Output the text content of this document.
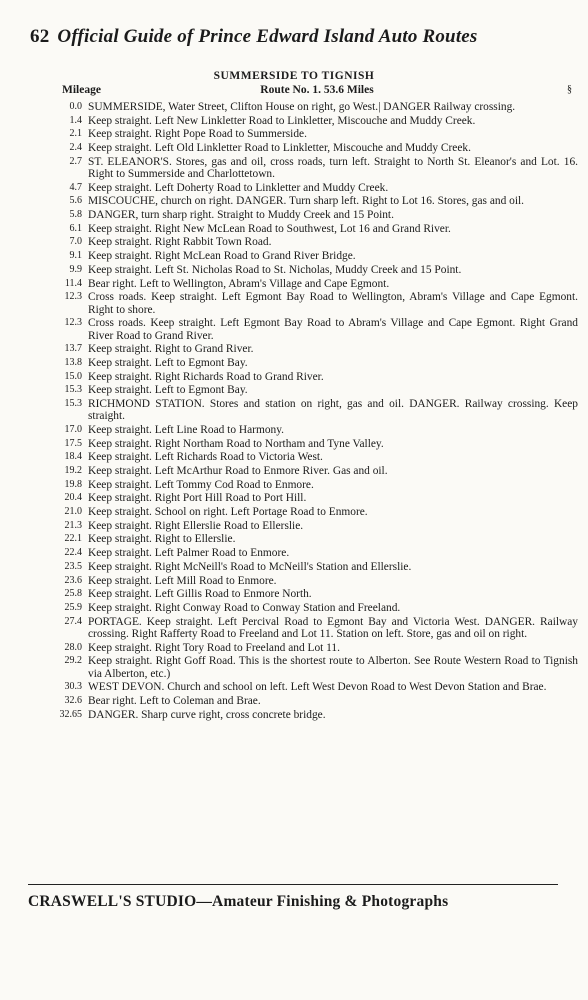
62 Official Guide of Prince Edward Island Auto Routes
SUMMERSIDE TO TIGNISH
Mileage	Route No. 1. 53.6 Miles	§
0.0 SUMMERSIDE, Water Street, Clifton House on right, go West.| DANGER Railway crossing.
1.4 Keep straight. Left New Linkletter Road to Linkletter, Miscouche and Muddy Creek.
2.1 Keep straight. Right Pope Road to Summerside.
2.4 Keep straight. Left Old Linkletter Road to Linkletter, Miscouche and Muddy Creek.
2.7 ST. ELEANOR'S. Stores, gas and oil, cross roads, turn left. Straight to North St. Eleanor's and Lot. 16. Right to Summerside and Charlottetown.
4.7 Keep straight. Left Doherty Road to Linkletter and Muddy Creek.
5.6 MISCOUCHE, church on right. DANGER. Turn sharp left. Right to Lot 16. Stores, gas and oil.
5.8 DANGER, turn sharp right. Straight to Muddy Creek and 15 Point.
6.1 Keep straight. Right New McLean Road to Southwest, Lot 16 and Grand River.
7.0 Keep straight. Right Rabbit Town Road.
9.1 Keep straight. Right McLean Road to Grand River Bridge.
9.9 Keep straight. Left St. Nicholas Road to St. Nicholas, Muddy Creek and 15 Point.
11.4 Bear right. Left to Wellington, Abram's Village and Cape Egmont.
12.3 Cross roads. Keep straight. Left Egmont Bay Road to Wellington, Abram's Village and Cape Egmont. Right to shore.
12.3 Cross roads. Keep straight. Left Egmont Bay Road to Abram's Village and Cape Egmont. Right Grand River Road to Grand River.
13.7 Keep straight. Right to Grand River.
13.8 Keep straight. Left to Egmont Bay.
15.0 Keep straight. Right Richards Road to Grand River.
15.3 Keep straight. Left to Egmont Bay.
15.3 RICHMOND STATION. Stores and station on right, gas and oil. DANGER. Railway crossing. Keep straight.
17.0 Keep straight. Left Line Road to Harmony.
17.5 Keep straight. Right Northam Road to Northam and Tyne Valley.
18.4 Keep straight. Left Richards Road to Victoria West.
19.2 Keep straight. Left McArthur Road to Enmore River. Gas and oil.
19.8 Keep straight. Left Tommy Cod Road to Enmore.
20.4 Keep straight. Right Port Hill Road to Port Hill.
21.0 Keep straight. School on right. Left Portage Road to Enmore.
21.3 Keep straight. Right Ellerslie Road to Ellerslie.
22.1 Keep straight. Right to Ellerslie.
22.4 Keep straight. Left Palmer Road to Enmore.
23.5 Keep straight. Right McNeill's Road to McNeill's Station and Ellerslie.
23.6 Keep straight. Left Mill Road to Enmore.
25.8 Keep straight. Left Gillis Road to Enmore North.
25.9 Keep straight. Right Conway Road to Conway Station and Freeland.
27.4 PORTAGE. Keep straight. Left Percival Road to Egmont Bay and Victoria West. DANGER. Railway crossing. Right Rafferty Road to Freeland and Lot 11. Station on left. Store, gas and oil on right.
28.0 Keep straight. Right Tory Road to Freeland and Lot 11.
29.2 Keep straight. Right Goff Road. This is the shortest route to Alberton. See Route Western Road to Tignish via Alberton, etc.)
30.3 WEST DEVON. Church and school on left. Left West Devon Road to West Devon Station and Brae.
32.6 Bear right. Left to Coleman and Brae.
32.65 DANGER. Sharp curve right, cross concrete bridge.
CRASWELL'S STUDIO—Amateur Finishing & Photographs
